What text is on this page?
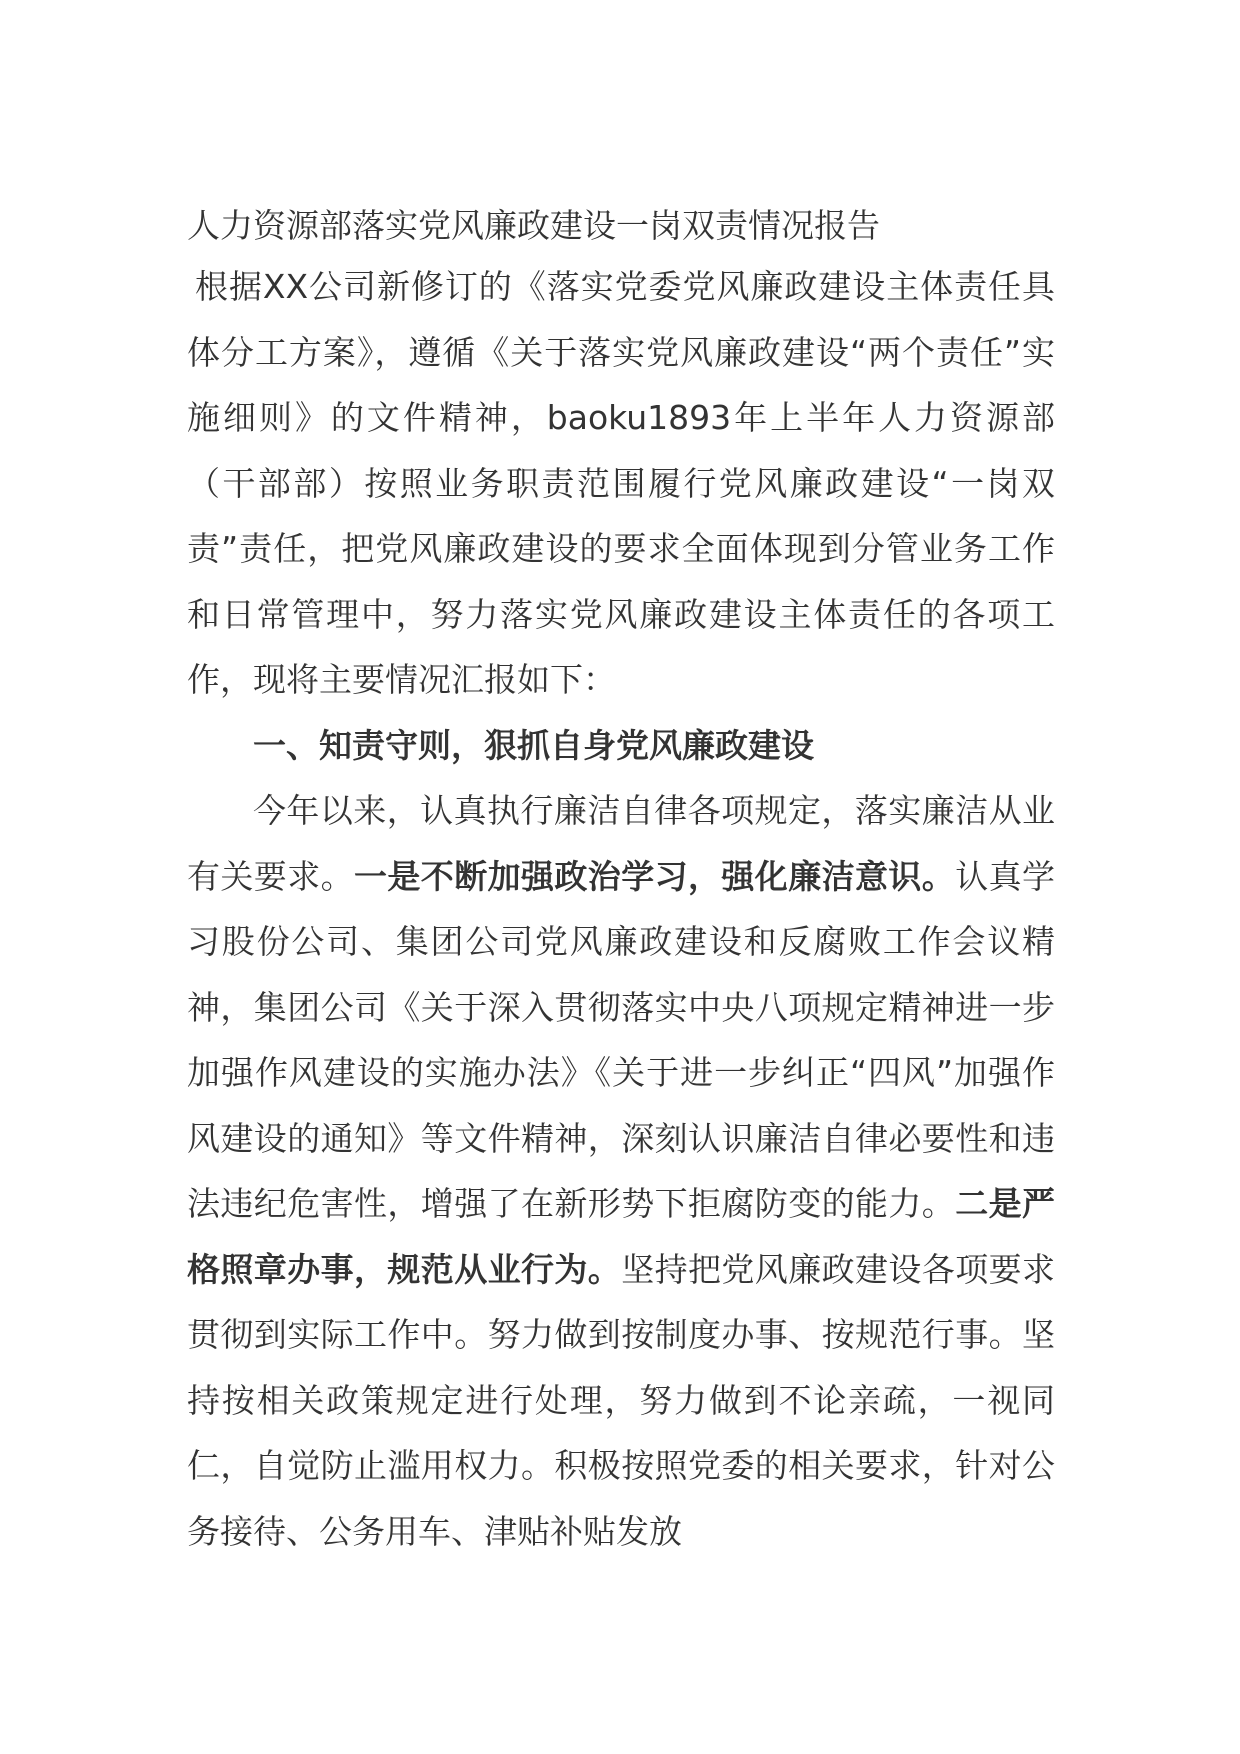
人力资源部落实党风廉政建设一岗双责情况报告

根据XX公司新修订的《落实党委党风廉政建设主体责任具体分工方案》，遵循《关于落实党风廉政建设“两个责任”实施细则》的文件精神，baoku1893年上半年人力资源部（干部部）按照业务职责范围履行党风廉政建设“一岗双责”责任，把党风廉政建设的要求全面体现到分管业务工作和日常管理中，努力落实党风廉政建设主体责任的各项工作，现将主要情况汇报如下：

一、知责守则，狠抓自身党风廉政建设

今年以来，认真执行廉洁自律各项规定，落实廉洁从业有关要求。一是不断加强政治学习，强化廉洁意识。认真学习股份公司、集团公司党风廉政建设和反腐败工作会议精神，集团公司《关于深入贯彻落实中央八项规定精神进一步加强作风建设的实施办法》《关于进一步纠正“四风”加强作风建设的通知》等文件精神，深刻认识廉洁自律必要性和违法违纪危害性，增强了在新形势下拒腐防变的能力。二是严格照章办事，规范从业行为。坚持把党风廉政建设各项要求贯彻到实际工作中。努力做到按制度办事、按规范行事。坚持按相关政策规定进行处理，努力做到不论亲疏，一视同仁，自觉防止滥用权力。积极按照党委的相关要求，针对公务接待、公务用车、津贴补贴发放
